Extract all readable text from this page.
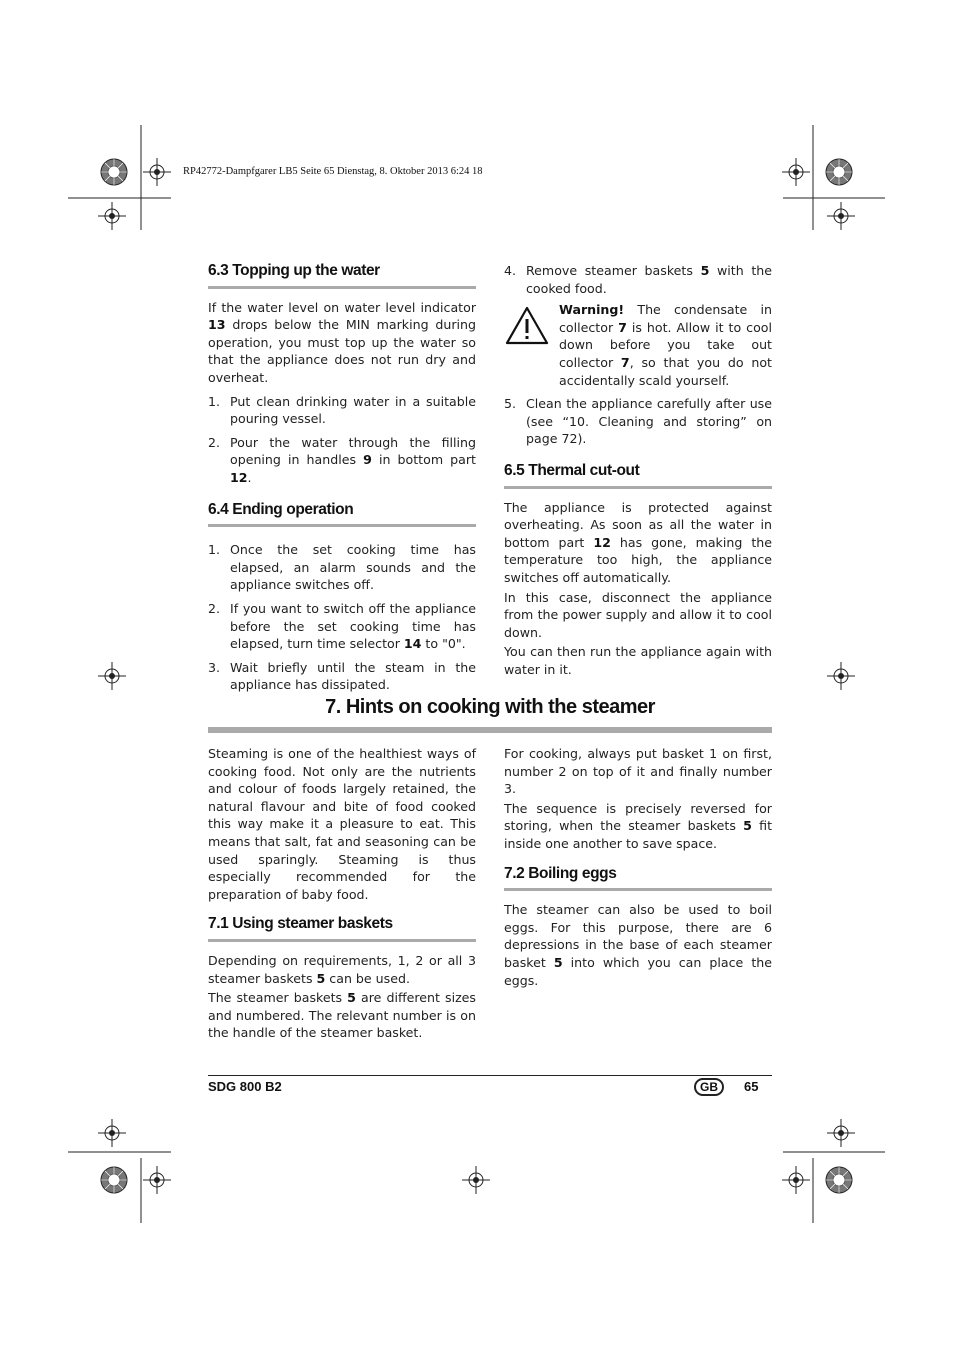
RP42772-Dampfgarer LB5 Seite 65 Dienstag, 8. Oktober 2013 6:24 18
6.3 Topping up the water

If the water level on water level indicator 13 drops below the MIN marking during operation, you must top up the water so that the appliance does not run dry and overheat.

1. Put clean drinking water in a suitable pouring vessel.
2. Pour the water through the filling opening in handles 9 in bottom part 12.
6.4 Ending operation
1. Once the set cooking time has elapsed, an alarm sounds and the appliance switches off.
2. If you want to switch off the appliance before the set cooking time has elapsed, turn time selector 14 to "0".
3. Wait briefly until the steam in the appliance has dissipated.
4. Remove steamer baskets 5 with the cooked food.

Warning! The condensate in collector 7 is hot. Allow it to cool down before you take out collector 7, so that you do not accidentally scald yourself.

5. Clean the appliance carefully after use (see “10. Cleaning and storing” on page 72).
6.5 Thermal cut-out

The appliance is protected against overheating. As soon as all the water in bottom part 12 has gone, making the temperature too high, the appliance switches off automatically.

In this case, disconnect the appliance from the power supply and allow it to cool down.

You can then run the appliance again with water in it.

7. Hints on cooking with the steamer

Steaming is one of the healthiest ways of cooking food. Not only are the nutrients and colour of foods largely retained, the natural flavour and bite of food cooked this way make it a pleasure to eat. This means that salt, fat and seasoning can be used sparingly. Steaming is thus especially recommended for the preparation of baby food.

7.1 Using steamer baskets

Depending on requirements, 1, 2 or all 3 steamer baskets 5 can be used.

The steamer baskets 5 are different sizes and numbered. The relevant number is on the handle of the steamer basket.

For cooking, always put basket 1 on first, number 2 on top of it and finally number 3.

The sequence is precisely reversed for storing, when the steamer baskets 5 fit inside one another to save space.

7.2 Boiling eggs

The steamer can also be used to boil eggs. For this purpose, there are 6 depressions in the base of each steamer basket 5 into which you can place the eggs.

SDG 800 B2	GB	65
